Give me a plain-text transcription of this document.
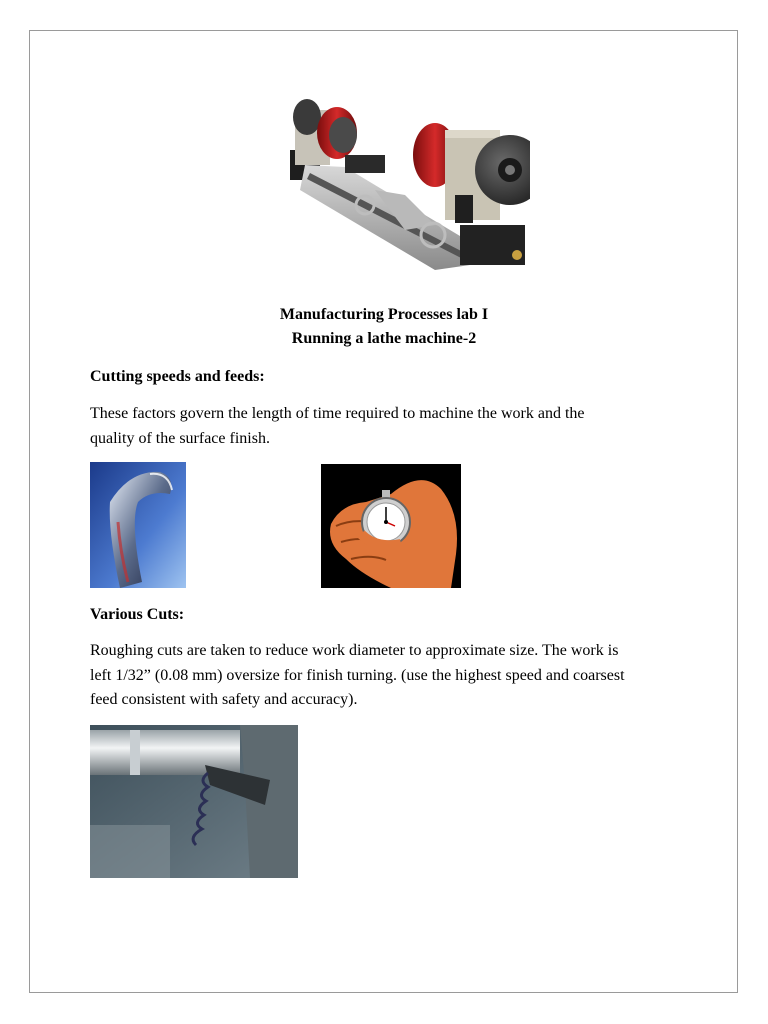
Manufacturing Processes lab I
Running a lathe machine-2
Cutting speeds and feeds:
These factors govern the length of time required to machine the work and the
quality of the surface finish.
Various Cuts:
Roughing cuts are taken to reduce work diameter to approximate size. The work is
left 1/32” (0.08 mm) oversize for finish turning. (use the highest speed and coarsest
feed consistent with safety and accuracy).
